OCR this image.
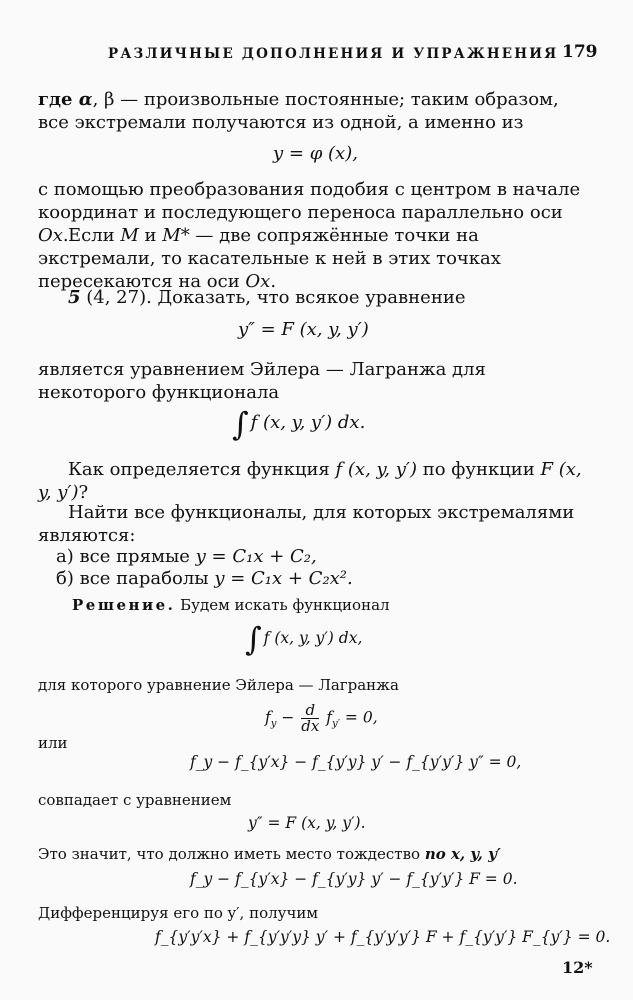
РАЗЛИЧНЫЕ ДОПОЛНЕНИЯ И УПРАЖНЕНИЯ 179
где α, β — произвольные постоянные; таким образом, все экстремали получаются из одной, а именно из
y = φ (x),
с помощью преобразования подобия с центром в начале координат и последующего переноса параллельно оси Ox. Если M и M* — две сопряжённые точки на экстремали, то касательные к ней в этих точках пересекаются на оси Ox.
5 (4, 27). Доказать, что всякое уравнение
y″ = F (x, y, y′)
является уравнением Эйлера — Лагранжа для некоторого функционала
∫ f (x, y, y′) dx.
Как определяется функция f (x, y, y′) по функции F (x, y, y′)?
Найти все функционалы, для которых экстремалями являются:
а) все прямые y = C₁x + C₂,
б) все параболы y = C₁x + C₂x².
Решение. Будем искать функционал
∫ f (x, y, y′) dx,
для которого уравнение Эйлера — Лагранжа
$f_y - \frac{d}{dx} f_{y'} = 0$,
или
f_y − f_{y′x} − f_{y′y} y′ − f_{y′y′} y″ = 0,
совпадает с уравнением
y″ = F (x, y, y′).
Это значит, что должно иметь место тождество по x, y, y′
f_y − f_{y′x} − f_{y′y} y′ − f_{y′y′} F = 0.
Дифференцируя его по y′, получим
f_{y′y′x} + f_{y′y′y} y′ + f_{y′y′y′} F + f_{y′y′} F_{y′} = 0.
12*
